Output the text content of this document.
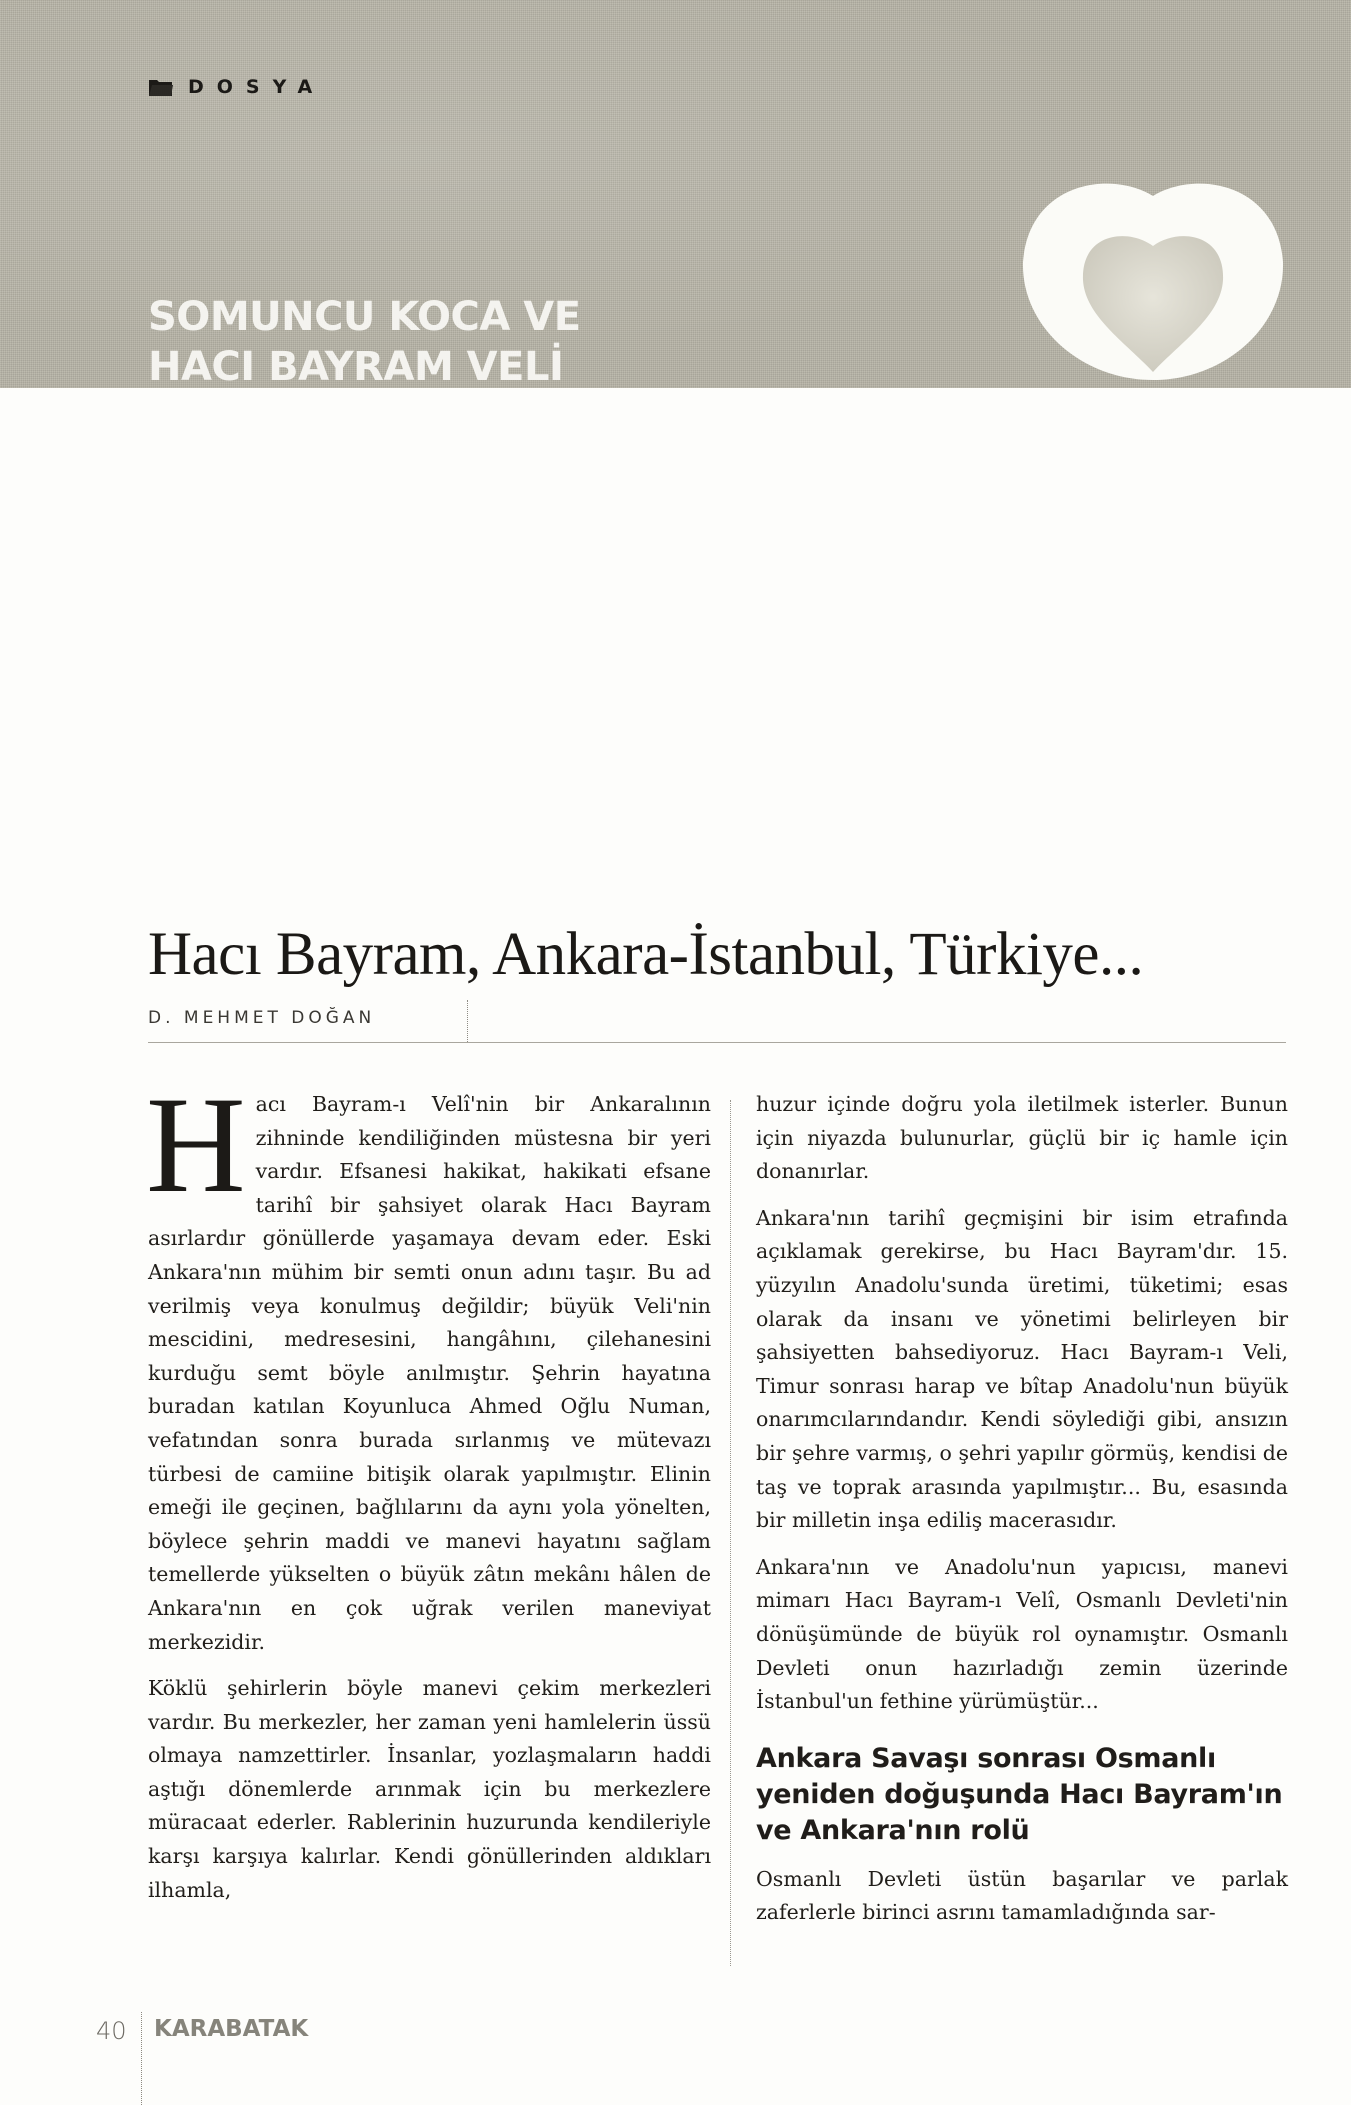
DOSYA
SOMUNCU KOCA VE
HACI BAYRAM VELİ
Hacı Bayram, Ankara-İstanbul, Türkiye...
D. MEHMET DOĞAN

Hacı Bayram-ı Velî'nin bir Ankaralının zihninde kendiliğinden müstesna bir yeri vardır. Efsanesi hakikat, hakikati efsane tarihî bir şahsiyet olarak Hacı Bayram asırlardır gönüllerde yaşamaya devam eder. Eski Ankara'nın mühim bir semti onun adını taşır. Bu ad verilmiş veya konulmuş değildir; büyük Veli'nin mescidini, medresesini, hangâhını, çilehanesini kurduğu semt böyle anılmıştır. Şehrin hayatına buradan katılan Koyunluca Ahmed Oğlu Numan, vefatından sonra burada sırlanmış ve mütevazı türbesi de camiine bitişik olarak yapılmıştır. Elinin emeği ile geçinen, bağlılarını da aynı yola yönelten, böylece şehrin maddi ve manevi hayatını sağlam temellerde yükselten o büyük zâtın mekânı hâlen de Ankara'nın en çok uğrak verilen maneviyat merkezidir.

Köklü şehirlerin böyle manevi çekim merkezleri vardır. Bu merkezler, her zaman yeni hamlelerin üssü olmaya namzettirler. İnsanlar, yozlaşmaların haddi aştığı dönemlerde arınmak için bu merkezlere müracaat ederler. Rablerinin huzurunda kendileriyle karşı karşıya kalırlar. Kendi gönüllerinden aldıkları ilhamla,

huzur içinde doğru yola iletilmek isterler. Bunun için niyazda bulunurlar, güçlü bir iç hamle için donanırlar.

Ankara'nın tarihî geçmişini bir isim etrafında açıklamak gerekirse, bu Hacı Bayram'dır. 15. yüzyılın Anadolu'sunda üretimi, tüketimi; esas olarak da insanı ve yönetimi belirleyen bir şahsiyetten bahsediyoruz. Hacı Bayram-ı Veli, Timur sonrası harap ve bîtap Anadolu'nun büyük onarımcılarındandır. Kendi söylediği gibi, ansızın bir şehre varmış, o şehri yapılır görmüş, kendisi de taş ve toprak arasında yapılmıştır... Bu, esasında bir milletin inşa ediliş macerasıdır.

Ankara'nın ve Anadolu'nun yapıcısı, manevi mimarı Hacı Bayram-ı Velî, Osmanlı Devleti'nin dönüşümünde de büyük rol oynamıştır. Osmanlı Devleti onun hazırladığı zemin üzerinde İstanbul'un fethine yürümüştür...

Ankara Savaşı sonrası Osmanlı yeniden doğuşunda Hacı Bayram'ın ve Ankara'nın rolü

Osmanlı Devleti üstün başarılar ve parlak zaferlerle birinci asrını tamamladığında sar-

40 KARABATAK
